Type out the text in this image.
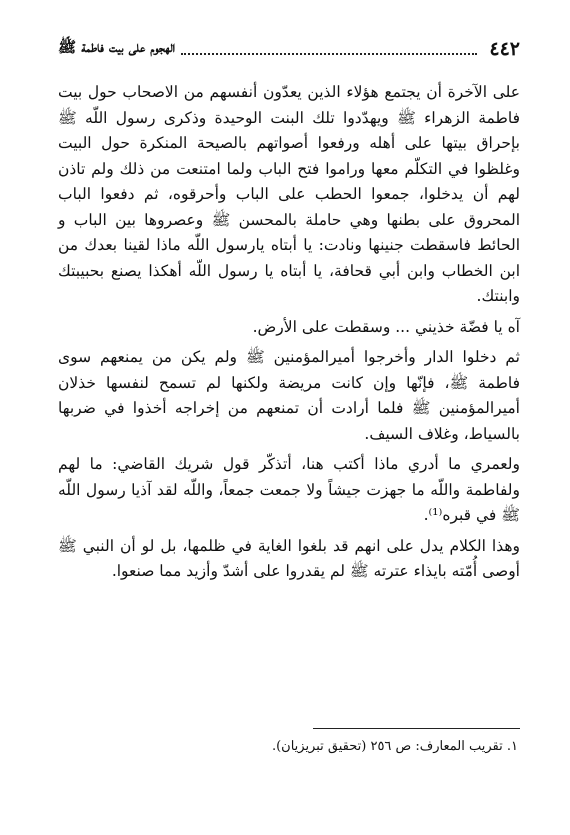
٤٤٢
الهجوم على بيت فاطمة ﷺ

على الآخرة أن يجتمع هؤلاء الذين يعدّون أنفسهم من الاصحاب حول بيت فاطمة الزهراء ﷺ ويهدّدوا تلك البنت الوحيدة وذكرى رسول اللّه ﷺ بإحراق بيتها على أهله ورفعوا أصواتهم بالصيحة المنكرة حول البيت وغلظوا في التكلّم معها وراموا فتح الباب ولما امتنعت من ذلك ولم تاذن لهم أن يدخلوا، جمعوا الحطب على الباب وأحرقوه، ثم دفعوا الباب المحروق على بطنها وهي حاملة بالمحسن ﷺ وعصروها بين الباب و الحائط فاسقطت جنينها ونادت: يا أبتاه يارسول اللّه ماذا لقينا بعدك من ابن الخطاب وابن أبي قحافة، يا أبتاه يا رسول اللّه أهكذا يصنع بحبيبتك وابنتك.

آه يا فضّة خذيني ... وسقطت على الأرض.

ثم دخلوا الدار وأخرجوا أميرالمؤمنين ﷺ ولم يكن من يمنعهم سوى فاطمة ﷺ، فإنّها وإن كانت مريضة ولكنها لم تسمح لنفسها خذلان أميرالمؤمنين ﷺ فلما أرادت أن تمنعهم من إخراجه أخذوا في ضربها بالسياط، وغلاف السيف.

ولعمري ما أدري ماذا أكتب هنا، أتذكّر قول شريك القاضي: ما لهم ولفاطمة واللّه ما جهزت جيشاً ولا جمعت جمعاً، واللّه لقد آذيا رسول اللّه ﷺ في قبره⁽¹⁾.

وهذا الكلام يدل على انهم قد بلغوا الغاية في ظلمها، بل لو أن النبي ﷺ أوصى أُمّته بايذاء عترته ﷺ لم يقدروا على أشدّ وأزيد مما صنعوا.

١. تقريب المعارف: ص ٢٥٦ (تحقيق تبريزيان).
